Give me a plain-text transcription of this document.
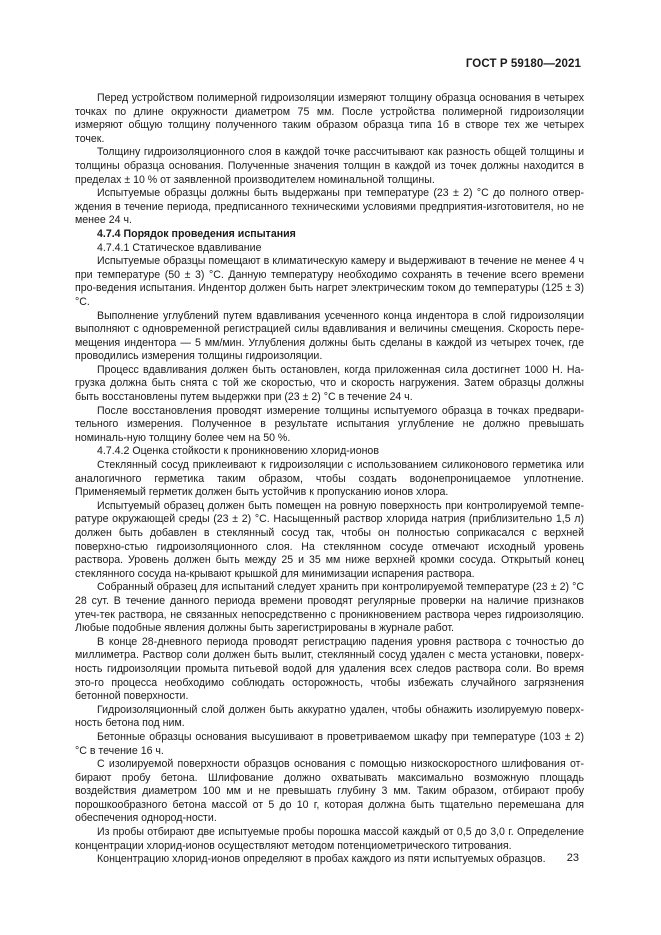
ГОСТ Р 59180—2021

Перед устройством полимерной гидроизоляции измеряют толщину образца основания в четырех точках по длине окружности диаметром 75 мм. После устройства полимерной гидроизоляции измеряют общую толщину полученного таким образом образца типа 1б в створе тех же четырех точек.

Толщину гидроизоляционного слоя в каждой точке рассчитывают как разность общей толщины и толщины образца основания. Полученные значения толщин в каждой из точек должны находится в пределах ± 10 % от заявленной производителем номинальной толщины.

Испытуемые образцы должны быть выдержаны при температуре (23 ± 2) °С до полного отвер-ждения в течение периода, предписанного техническими условиями предприятия-изготовителя, но не менее 24 ч.

4.7.4 Порядок проведения испытания

4.7.4.1 Статическое вдавливание

Испытуемые образцы помещают в климатическую камеру и выдерживают в течение не менее 4 ч при температуре (50 ± 3) °С. Данную температуру необходимо сохранять в течение всего времени про-ведения испытания. Индентор должен быть нагрет электрическим током до температуры (125 ± 3) °С.

Выполнение углублений путем вдавливания усеченного конца индентора в слой гидроизоляции выполняют с одновременной регистрацией силы вдавливания и величины смещения. Скорость пере-мещения индентора — 5 мм/мин. Углубления должны быть сделаны в каждой из четырех точек, где проводились измерения толщины гидроизоляции.

Процесс вдавливания должен быть остановлен, когда приложенная сила достигнет 1000 Н. На-грузка должна быть снята с той же скоростью, что и скорость нагружения. Затем образцы должны быть восстановлены путем выдержки при (23 ± 2) °С в течение 24 ч.

После восстановления проводят измерение толщины испытуемого образца в точках предвари-тельного измерения. Полученное в результате испытания углубление не должно превышать номиналь-ную толщину более чем на 50 %.

4.7.4.2 Оценка стойкости к проникновению хлорид-ионов

Стеклянный сосуд приклеивают к гидроизоляции с использованием силиконового герметика или аналогичного герметика таким образом, чтобы создать водонепроницаемое уплотнение. Применяемый герметик должен быть устойчив к пропусканию ионов хлора.

Испытуемый образец должен быть помещен на ровную поверхность при контролируемой темпе-ратуре окружающей среды (23 ± 2) °С. Насыщенный раствор хлорида натрия (приблизительно 1,5 л) должен быть добавлен в стеклянный сосуд так, чтобы он полностью соприкасался с верхней поверхно-стью гидроизоляционного слоя. На стеклянном сосуде отмечают исходный уровень раствора. Уровень должен быть между 25 и 35 мм ниже верхней кромки сосуда. Открытый конец стеклянного сосуда на-крывают крышкой для минимизации испарения раствора.

Собранный образец для испытаний следует хранить при контролируемой температуре (23 ± 2) °С 28 сут. В течение данного периода времени проводят регулярные проверки на наличие признаков утеч-тек раствора, не связанных непосредственно с проникновением раствора через гидроизоляцию. Любые подобные явления должны быть зарегистрированы в журнале работ.

В конце 28-дневного периода проводят регистрацию падения уровня раствора с точностью до миллиметра. Раствор соли должен быть вылит, стеклянный сосуд удален с места установки, поверх-ность гидроизоляции промыта питьевой водой для удаления всех следов раствора соли. Во время это-го процесса необходимо соблюдать осторожность, чтобы избежать случайного загрязнения бетонной поверхности.

Гидроизоляционный слой должен быть аккуратно удален, чтобы обнажить изолируемую поверх-ность бетона под ним.

Бетонные образцы основания высушивают в проветриваемом шкафу при температуре (103 ± 2) °С в течение 16 ч.

С изолируемой поверхности образцов основания с помощью низкоскоростного шлифования от-бирают пробу бетона. Шлифование должно охватывать максимально возможную площадь воздействия диаметром 100 мм и не превышать глубину 3 мм. Таким образом, отбирают пробу порошкообразного бетона массой от 5 до 10 г, которая должна быть тщательно перемешана для обеспечения однород-ности.

Из пробы отбирают две испытуемые пробы порошка массой каждый от 0,5 до 3,0 г. Определение концентрации хлорид-ионов осуществляют методом потенциометрического титрования.

Концентрацию хлорид-ионов определяют в пробах каждого из пяти испытуемых образцов.	23
